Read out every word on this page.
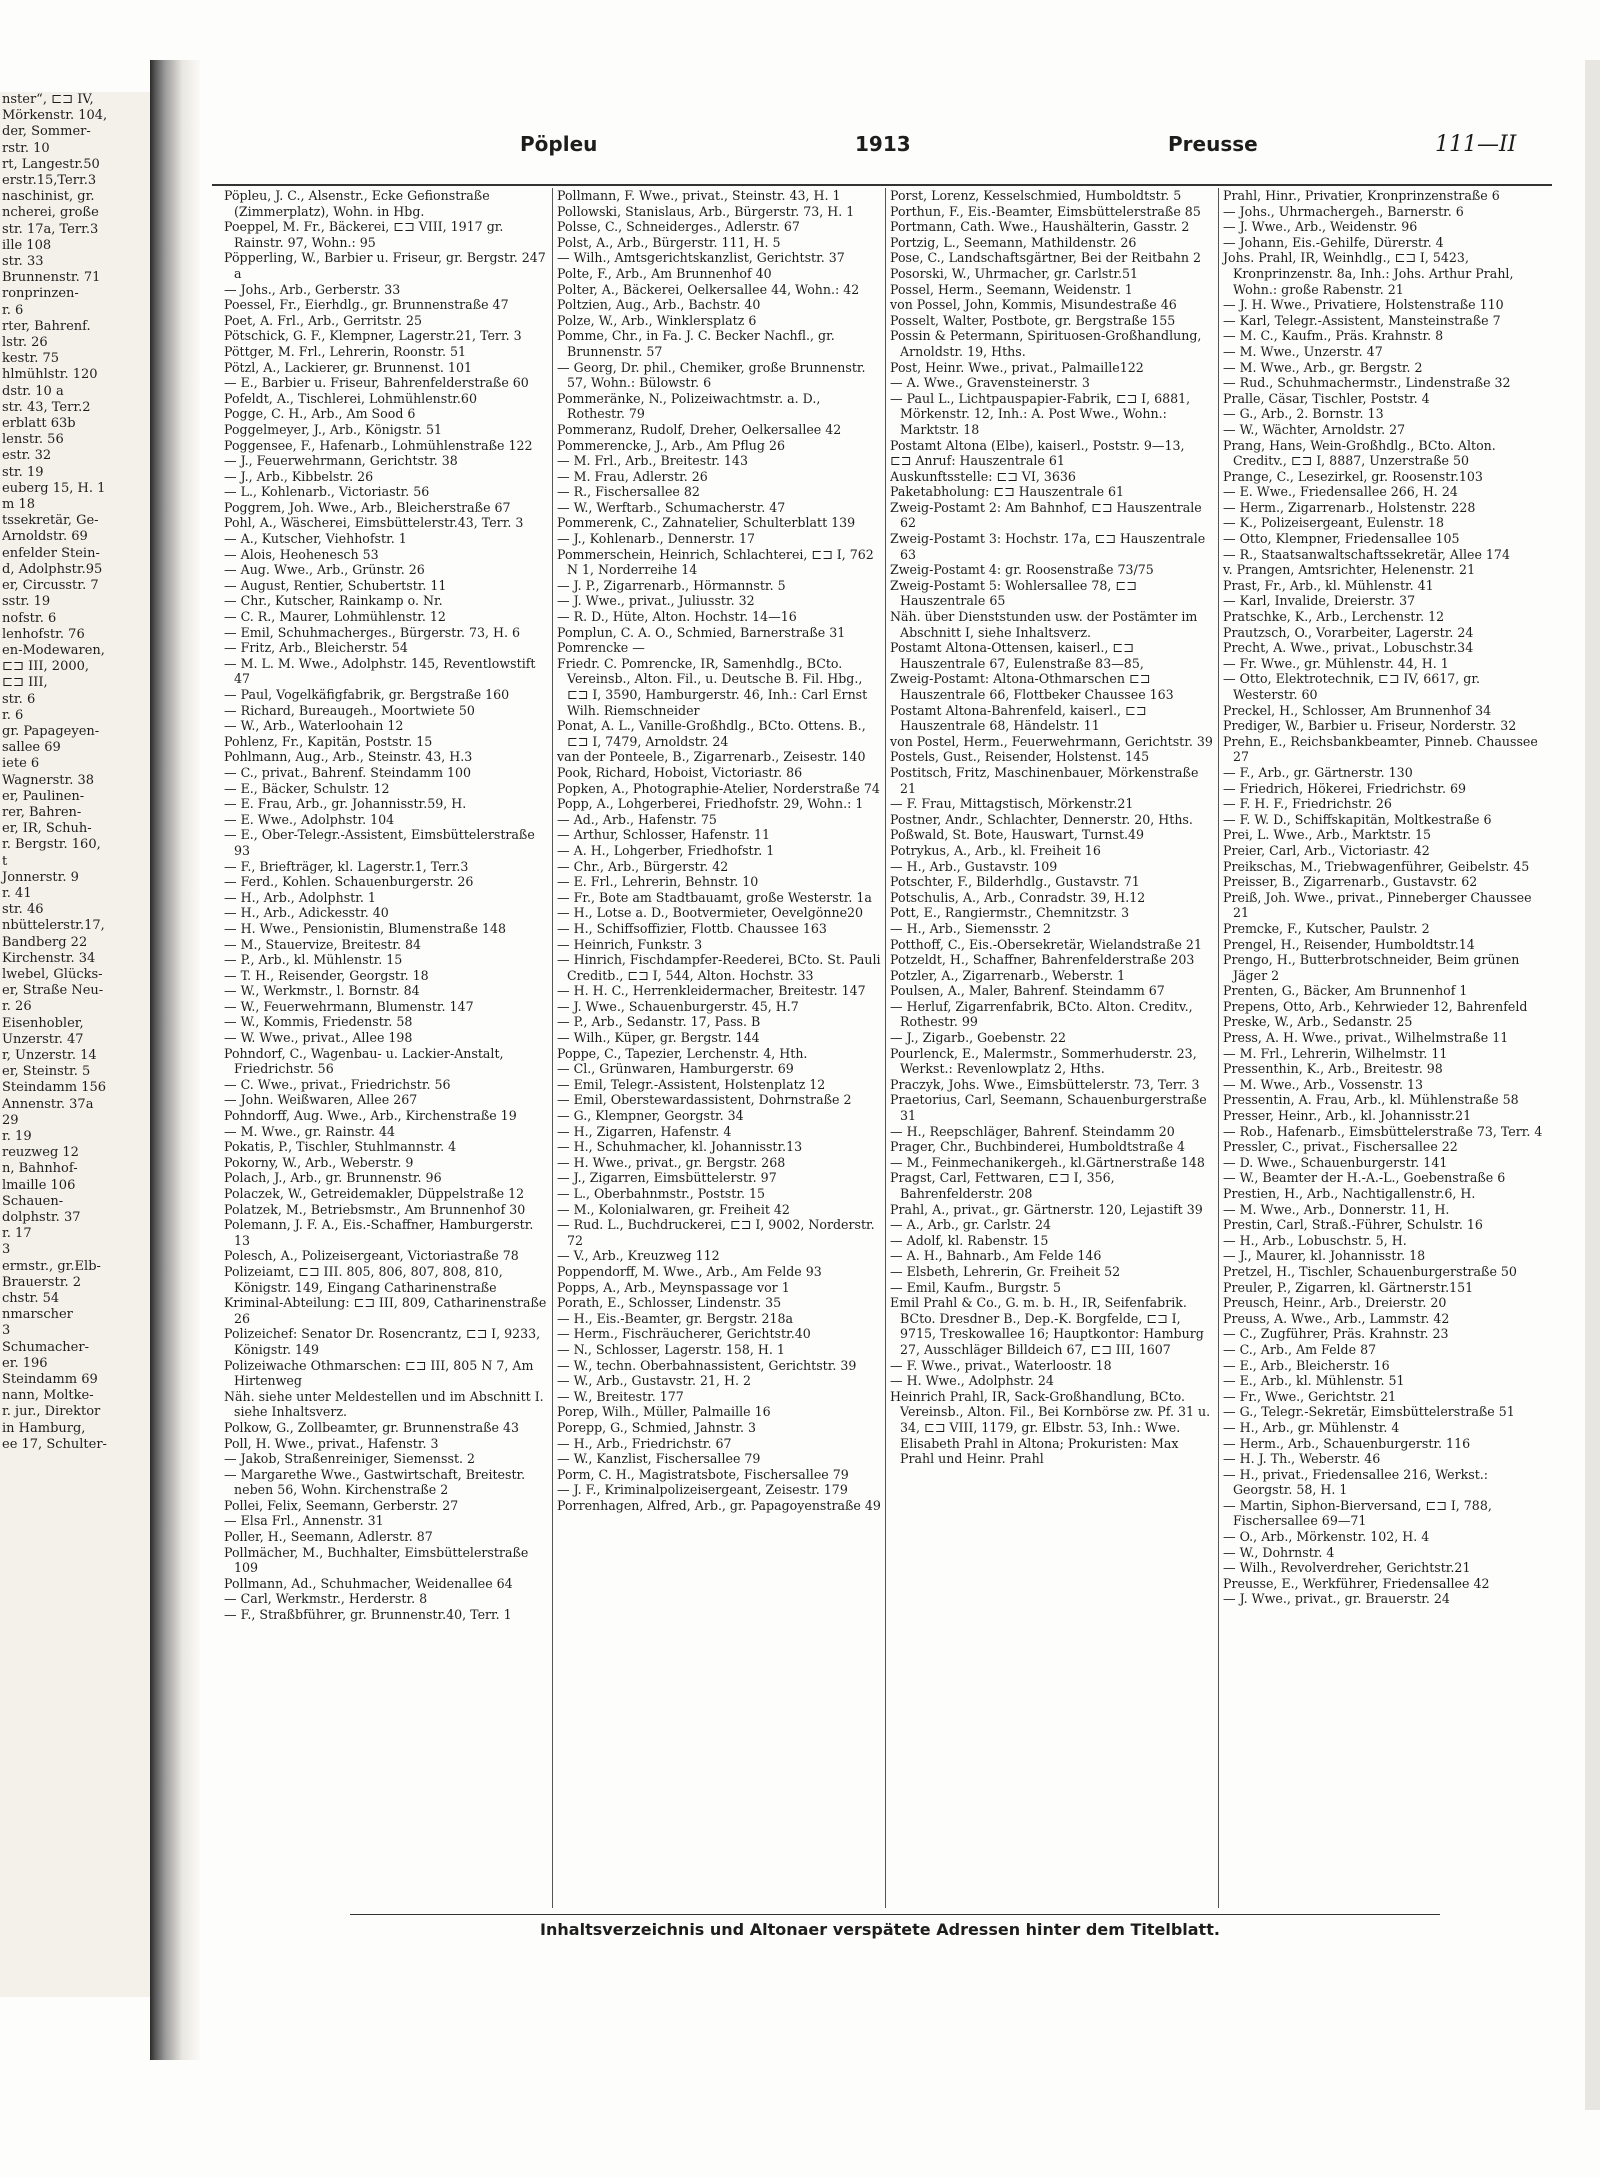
nster“, ⊏⊐ IV,
Mörkenstr. 104,
der, Sommer-
rstr. 10
rt, Langestr.50
erstr.15,Terr.3
naschinist, gr.
ncherei, große
str. 17a, Terr.3
ille 108
str. 33
Brunnenstr. 71
ronprinzen-
r. 6
rter, Bahrenf.
lstr. 26
kestr. 75
hlmühlstr. 120
dstr. 10 a
str. 43, Terr.2
erblatt 63b
lenstr. 56
estr. 32
str. 19
euberg 15, H. 1
m 18
tssekretär, Ge-
Arnoldstr. 69
enfelder Stein-
d, Adolphstr.95
er, Circusstr. 7
sstr. 19
nofstr. 6
lenhofstr. 76
en-Modewaren,
⊏⊐ III, 2000,
⊏⊐ III,
str. 6
r. 6
gr. Papageyen-
sallee 69
iete 6
Wagnerstr. 38
er, Paulinen-
rer, Bahren-
er, IR, Schuh-
r. Bergstr. 160,
t
Jonnerstr. 9
r. 41
str. 46
nbüttelerstr.17,
Bandberg 22
Kirchenstr. 34
lwebel, Glücks-
er, Straße Neu-
r. 26
Eisenhobler,
Unzerstr. 47
r, Unzerstr. 14
er, Steinstr. 5
Steindamm 156
Annenstr. 37a
29
r. 19
reuzweg 12
n, Bahnhof-
lmaille 106
Schauen-
dolphstr. 37
r. 17
3
ermstr., gr.Elb-
Brauerstr. 2
chstr. 54
nmarscher
3
Schumacher-
er. 196
Steindamm 69
nann, Moltke-
r. jur., Direktor
in Hamburg,
ee 17, Schulter-
Pöpleu	1913	Preusse	111—II

Pöpleu, J. C., Alsenstr., Ecke Gefionstraße (Zimmerplatz), Wohn. in Hbg.

Poeppel, M. Fr., Bäckerei, ⊏⊐ VIII, 1917 gr. Rainstr. 97, Wohn.: 95

Pöpperling, W., Barbier u. Friseur, gr. Bergstr. 247 a

— Johs., Arb., Gerberstr. 33

Poessel, Fr., Eierhdlg., gr. Brunnenstraße 47

Poet, A. Frl., Arb., Gerritstr. 25

Pötschick, G. F., Klempner, Lagerstr.21, Terr. 3

Pöttger, M. Frl., Lehrerin, Roonstr. 51

Pötzl, A., Lackierer, gr. Brunnenst. 101

— E., Barbier u. Friseur, Bahrenfelderstraße 60

Pofeldt, A., Tischlerei, Lohmühlenstr.60

Pogge, C. H., Arb., Am Sood 6

Poggelmeyer, J., Arb., Königstr. 51

Poggensee, F., Hafenarb., Lohmühlenstraße 122

— J., Feuerwehrmann, Gerichtstr. 38

— J., Arb., Kibbelstr. 26

— L., Kohlenarb., Victoriastr. 56

Poggrem, Joh. Wwe., Arb., Bleicherstraße 67

Pohl, A., Wäscherei, Eimsbüttelerstr.43, Terr. 3

— A., Kutscher, Viehhofstr. 1

— Alois, Heohenesch 53

— Aug. Wwe., Arb., Grünstr. 26

— August, Rentier, Schubertstr. 11

— Chr., Kutscher, Rainkamp o. Nr.

— C. R., Maurer, Lohmühlenstr. 12

— Emil, Schuhmacherges., Bürgerstr. 73, H. 6

— Fritz, Arb., Bleicherstr. 54

— M. L. M. Wwe., Adolphstr. 145, Reventlowstift 47

— Paul, Vogelkäfigfabrik, gr. Bergstraße 160

— Richard, Bureaugeh., Moortwiete 50

— W., Arb., Waterloohain 12

Pohlenz, Fr., Kapitän, Poststr. 15

Pohlmann, Aug., Arb., Steinstr. 43, H.3

— C., privat., Bahrenf. Steindamm 100

— E., Bäcker, Schulstr. 12

— E. Frau, Arb., gr. Johannisstr.59, H.

— E. Wwe., Adolphstr. 104

— E., Ober-Telegr.-Assistent, Eimsbüttelerstraße 93

— F., Briefträger, kl. Lagerstr.1, Terr.3

— Ferd., Kohlen. Schauenburgerstr. 26

— H., Arb., Adolphstr. 1

— H., Arb., Adickesstr. 40

— H. Wwe., Pensionistin, Blumenstraße 148

— M., Stauervize, Breitestr. 84

— P., Arb., kl. Mühlenstr. 15

— T. H., Reisender, Georgstr. 18

— W., Werkmstr., l. Bornstr. 84

— W., Feuerwehrmann, Blumenstr. 147

— W., Kommis, Friedenstr. 58

— W. Wwe., privat., Allee 198

Pohndorf, C., Wagenbau- u. Lackier-Anstalt, Friedrichstr. 56

— C. Wwe., privat., Friedrichstr. 56

— John. Weißwaren, Allee 267

Pohndorff, Aug. Wwe., Arb., Kirchenstraße 19

— M. Wwe., gr. Rainstr. 44

Pokatis, P., Tischler, Stuhlmannstr. 4

Pokorny, W., Arb., Weberstr. 9

Polach, J., Arb., gr. Brunnenstr. 96

Polaczek, W., Getreidemakler, Düppelstraße 12

Polatzek, M., Betriebsmstr., Am Brunnenhof 30

Polemann, J. F. A., Eis.-Schaffner, Hamburgerstr. 13

Polesch, A., Polizeisergeant, Victoriastraße 78

Polizeiamt, ⊏⊐ III. 805, 806, 807, 808, 810, Königstr. 149, Eingang Catharinenstraße

Kriminal-Abteilung: ⊏⊐ III, 809, Catharinenstraße 26

Polizeichef: Senator Dr. Rosencrantz, ⊏⊐ I, 9233, Königstr. 149

Polizeiwache Othmarschen: ⊏⊐ III, 805 N 7, Am Hirtenweg

Näh. siehe unter Meldestellen und im Abschnitt I. siehe Inhaltsverz.

Polkow, G., Zollbeamter, gr. Brunnenstraße 43

Poll, H. Wwe., privat., Hafenstr. 3

— Jakob, Straßenreiniger, Siemensst. 2

— Margarethe Wwe., Gastwirtschaft, Breitestr. neben 56, Wohn. Kirchenstraße 2

Pollei, Felix, Seemann, Gerberstr. 27

— Elsa Frl., Annenstr. 31

Poller, H., Seemann, Adlerstr. 87

Pollmächer, M., Buchhalter, Eimsbüttelerstraße 109

Pollmann, Ad., Schuhmacher, Weidenallee 64

— Carl, Werkmstr., Herderstr. 8

— F., Straßbführer, gr. Brunnenstr.40, Terr. 1

Pollmann, F. Wwe., privat., Steinstr. 43, H. 1

Pollowski, Stanislaus, Arb., Bürgerstr. 73, H. 1

Polsse, C., Schneiderges., Adlerstr. 67

Polst, A., Arb., Bürgerstr. 111, H. 5

— Wilh., Amtsgerichtskanzlist, Gerichtstr. 37

Polte, F., Arb., Am Brunnenhof 40

Polter, A., Bäckerei, Oelkersallee 44, Wohn.: 42

Poltzien, Aug., Arb., Bachstr. 40

Polze, W., Arb., Winklersplatz 6

Pomme, Chr., in Fa. J. C. Becker Nachfl., gr. Brunnenstr. 57

— Georg, Dr. phil., Chemiker, große Brunnenstr. 57, Wohn.: Bülowstr. 6

Pommeränke, N., Polizeiwachtmstr. a. D., Rothestr. 79

Pommeranz, Rudolf, Dreher, Oelkersallee 42

Pommerencke, J., Arb., Am Pflug 26

— M. Frl., Arb., Breitestr. 143

— M. Frau, Adlerstr. 26

— R., Fischersallee 82

— W., Werftarb., Schumacherstr. 47

Pommerenk, C., Zahnatelier, Schulterblatt 139

— J., Kohlenarb., Dennerstr. 17

Pommerschein, Heinrich, Schlachterei, ⊏⊐ I, 762 N 1, Norderreihe 14

— J. P., Zigarrenarb., Hörmannstr. 5

— J. Wwe., privat., Juliusstr. 32

— R. D., Hüte, Alton. Hochstr. 14—16

Pomplun, C. A. O., Schmied, Barnerstraße 31

Pomrencke —

Friedr. C. Pomrencke, IR, Samenhdlg., BCto. Vereinsb., Alton. Fil., u. Deutsche B. Fil. Hbg., ⊏⊐ I, 3590, Hamburgerstr. 46, Inh.: Carl Ernst Wilh. Riemschneider

Ponat, A. L., Vanille-Großhdlg., BCto. Ottens. B., ⊏⊐ I, 7479, Arnoldstr. 24

van der Ponteele, B., Zigarrenarb., Zeisestr. 140

Pook, Richard, Hoboist, Victoriastr. 86

Popken, A., Photographie-Atelier, Norderstraße 74

Popp, A., Lohgerberei, Friedhofstr. 29, Wohn.: 1

— Ad., Arb., Hafenstr. 75

— Arthur, Schlosser, Hafenstr. 11

— A. H., Lohgerber, Friedhofstr. 1

— Chr., Arb., Bürgerstr. 42

— E. Frl., Lehrerin, Behnstr. 10

— Fr., Bote am Stadtbauamt, große Westerstr. 1a

— H., Lotse a. D., Bootvermieter, Oevelgönne20

— H., Schiffsoffizier, Flottb. Chaussee 163

— Heinrich, Funkstr. 3

— Hinrich, Fischdampfer-Reederei, BCto. St. Pauli Creditb., ⊏⊐ I, 544, Alton. Hochstr. 33

— H. H. C., Herrenkleidermacher, Breitestr. 147

— J. Wwe., Schauenburgerstr. 45, H.7

— P., Arb., Sedanstr. 17, Pass. B

— Wilh., Küper, gr. Bergstr. 144

Poppe, C., Tapezier, Lerchenstr. 4, Hth.

— Cl., Grünwaren, Hamburgerstr. 69

— Emil, Telegr.-Assistent, Holstenplatz 12

— Emil, Oberstewardassistent, Dohrnstraße 2

— G., Klempner, Georgstr. 34

— H., Zigarren, Hafenstr. 4

— H., Schuhmacher, kl. Johannisstr.13

— H. Wwe., privat., gr. Bergstr. 268

— J., Zigarren, Eimsbüttelerstr. 97

— L., Oberbahnmstr., Poststr. 15

— M., Kolonialwaren, gr. Freiheit 42

— Rud. L., Buchdruckerei, ⊏⊐ I, 9002, Norderstr. 72

— V., Arb., Kreuzweg 112

Poppendorff, M. Wwe., Arb., Am Felde 93

Popps, A., Arb., Meynspassage vor 1

Porath, E., Schlosser, Lindenstr. 35

— H., Eis.-Beamter, gr. Bergstr. 218a

— Herm., Fischräucherer, Gerichtstr.40

— N., Schlosser, Lagerstr. 158, H. 1

— W., techn. Oberbahnassistent, Gerichtstr. 39

— W., Arb., Gustavstr. 21, H. 2

— W., Breitestr. 177

Porep, Wilh., Müller, Palmaille 16

Porepp, G., Schmied, Jahnstr. 3

— H., Arb., Friedrichstr. 67

— W., Kanzlist, Fischersallee 79

Porm, C. H., Magistratsbote, Fischersallee 79

— J. F., Kriminalpolizeisergeant, Zeisestr. 179

Porrenhagen, Alfred, Arb., gr. Papagoyenstraße 49

Porst, Lorenz, Kesselschmied, Humboldtstr. 5

Porthun, F., Eis.-Beamter, Eimsbüttelerstraße 85

Portmann, Cath. Wwe., Haushälterin, Gasstr. 2

Portzig, L., Seemann, Mathildenstr. 26

Pose, C., Landschaftsgärtner, Bei der Reitbahn 2

Posorski, W., Uhrmacher, gr. Carlstr.51

Possel, Herm., Seemann, Weidenstr. 1

von Possel, John, Kommis, Misundestraße 46

Posselt, Walter, Postbote, gr. Bergstraße 155

Possin & Petermann, Spirituosen-Großhandlung, Arnoldstr. 19, Hths.

Post, Heinr. Wwe., privat., Palmaille122

— A. Wwe., Gravensteinerstr. 3

— Paul L., Lichtpauspapier-Fabrik, ⊏⊐ I, 6881, Mörkenstr. 12, Inh.: A. Post Wwe., Wohn.: Marktstr. 18

Postamt Altona (Elbe), kaiserl., Poststr. 9—13,

⊏⊐ Anruf: Hauszentrale 61

Auskunftsstelle: ⊏⊐ VI, 3636

Paketabholung: ⊏⊐ Hauszentrale 61

Zweig-Postamt 2: Am Bahnhof, ⊏⊐ Hauszentrale 62

Zweig-Postamt 3: Hochstr. 17a, ⊏⊐ Hauszentrale 63

Zweig-Postamt 4: gr. Roosenstraße 73/75

Zweig-Postamt 5: Wohlersallee 78, ⊏⊐ Hauszentrale 65

Näh. über Dienststunden usw. der Postämter im Abschnitt I, siehe Inhaltsverz.

Postamt Altona-Ottensen, kaiserl., ⊏⊐ Hauszentrale 67, Eulenstraße 83—85,

Zweig-Postamt: Altona-Othmarschen ⊏⊐ Hauszentrale 66, Flottbeker Chaussee 163

Postamt Altona-Bahrenfeld, kaiserl., ⊏⊐ Hauszentrale 68, Händelstr. 11

von Postel, Herm., Feuerwehrmann, Gerichtstr. 39

Postels, Gust., Reisender, Holstenst. 145

Postitsch, Fritz, Maschinenbauer, Mörkenstraße 21

— F. Frau, Mittagstisch, Mörkenstr.21

Postner, Andr., Schlachter, Dennerstr. 20, Hths.

Poßwald, St. Bote, Hauswart, Turnst.49

Potrykus, A., Arb., kl. Freiheit 16

— H., Arb., Gustavstr. 109

Potschter, F., Bilderhdlg., Gustavstr. 71

Potschulis, A., Arb., Conradstr. 39, H.12

Pott, E., Rangiermstr., Chemnitzstr. 3

— H., Arb., Siemensstr. 2

Potthoff, C., Eis.-Obersekretär, Wielandstraße 21

Potzeldt, H., Schaffner, Bahrenfelderstraße 203

Potzler, A., Zigarrenarb., Weberstr. 1

Poulsen, A., Maler, Bahrenf. Steindamm 67

— Herluf, Zigarrenfabrik, BCto. Alton. Creditv., Rothestr. 99

— J., Zigarb., Goebenstr. 22

Pourlenck, E., Malermstr., Sommerhuderstr. 23, Werkst.: Revenlowplatz 2, Hths.

Praczyk, Johs. Wwe., Eimsbüttelerstr. 73, Terr. 3

Praetorius, Carl, Seemann, Schauenburgerstraße 31

— H., Reepschläger, Bahrenf. Steindamm 20

Prager, Chr., Buchbinderei, Humboldtstraße 4

— M., Feinmechanikergeh., kl.Gärtnerstraße 148

Pragst, Carl, Fettwaren, ⊏⊐ I, 356, Bahrenfelderstr. 208

Prahl, A., privat., gr. Gärtnerstr. 120, Lejastift 39

— A., Arb., gr. Carlstr. 24

— Adolf, kl. Rabenstr. 15

— A. H., Bahnarb., Am Felde 146

— Elsbeth, Lehrerin, Gr. Freiheit 52

— Emil, Kaufm., Burgstr. 5

Emil Prahl & Co., G. m. b. H., IR, Seifenfabrik. BCto. Dresdner B., Dep.-K. Borgfelde, ⊏⊐ I, 9715, Treskowallee 16; Hauptkontor: Hamburg 27, Ausschläger Billdeich 67, ⊏⊐ III, 1607

— F. Wwe., privat., Waterloostr. 18

— H. Wwe., Adolphstr. 24

Heinrich Prahl, IR, Sack-Großhandlung, BCto. Vereinsb., Alton. Fil., Bei Kornbörse zw. Pf. 31 u. 34, ⊏⊐ VIII, 1179, gr. Elbstr. 53, Inh.: Wwe. Elisabeth Prahl in Altona; Prokuristen: Max Prahl und Heinr. Prahl

Prahl, Hinr., Privatier, Kronprinzenstraße 6

— Johs., Uhrmachergeh., Barnerstr. 6

— J. Wwe., Arb., Weidenstr. 96

— Johann, Eis.-Gehilfe, Dürerstr. 4

Johs. Prahl, IR, Weinhdlg., ⊏⊐ I, 5423, Kronprinzenstr. 8a, Inh.: Johs. Arthur Prahl, Wohn.: große Rabenstr. 21

— J. H. Wwe., Privatiere, Holstenstraße 110

— Karl, Telegr.-Assistent, Mansteinstraße 7

— M. C., Kaufm., Präs. Krahnstr. 8

— M. Wwe., Unzerstr. 47

— M. Wwe., Arb., gr. Bergstr. 2

— Rud., Schuhmachermstr., Lindenstraße 32

Pralle, Cäsar, Tischler, Poststr. 4

— G., Arb., 2. Bornstr. 13

— W., Wächter, Arnoldstr. 27

Prang, Hans, Wein-Großhdlg., BCto. Alton. Creditv., ⊏⊐ I, 8887, Unzerstraße 50

Prange, C., Lesezirkel, gr. Roosenstr.103

— E. Wwe., Friedensallee 266, H. 24

— Herm., Zigarrenarb., Holstenstr. 228

— K., Polizeisergeant, Eulenstr. 18

— Otto, Klempner, Friedensallee 105

— R., Staatsanwaltschaftssekretär, Allee 174

v. Prangen, Amtsrichter, Helenenstr. 21

Prast, Fr., Arb., kl. Mühlenstr. 41

— Karl, Invalide, Dreierstr. 37

Pratschke, K., Arb., Lerchenstr. 12

Prautzsch, O., Vorarbeiter, Lagerstr. 24

Precht, A. Wwe., privat., Lobuschstr.34

— Fr. Wwe., gr. Mühlenstr. 44, H. 1

— Otto, Elektrotechnik, ⊏⊐ IV, 6617, gr. Westerstr. 60

Preckel, H., Schlosser, Am Brunnenhof 34

Prediger, W., Barbier u. Friseur, Norderstr. 32

Prehn, E., Reichsbankbeamter, Pinneb. Chaussee 27

— F., Arb., gr. Gärtnerstr. 130

— Friedrich, Hökerei, Friedrichstr. 69

— F. H. F., Friedrichstr. 26

— F. W. D., Schiffskapitän, Moltkestraße 6

Prei, L. Wwe., Arb., Marktstr. 15

Preier, Carl, Arb., Victoriastr. 42

Preikschas, M., Triebwagenführer, Geibelstr. 45

Preisser, B., Zigarrenarb., Gustavstr. 62

Preiß, Joh. Wwe., privat., Pinneberger Chaussee 21

Premcke, F., Kutscher, Paulstr. 2

Prengel, H., Reisender, Humboldtstr.14

Prengo, H., Butterbrotschneider, Beim grünen Jäger 2

Prenten, G., Bäcker, Am Brunnenhof 1

Prepens, Otto, Arb., Kehrwieder 12, Bahrenfeld

Preske, W., Arb., Sedanstr. 25

Press, A. H. Wwe., privat., Wilhelmstraße 11

— M. Frl., Lehrerin, Wilhelmstr. 11

Pressenthin, K., Arb., Breitestr. 98

— M. Wwe., Arb., Vossenstr. 13

Pressentin, A. Frau, Arb., kl. Mühlenstraße 58

Presser, Heinr., Arb., kl. Johannisstr.21

— Rob., Hafenarb., Eimsbüttelerstraße 73, Terr. 4

Pressler, C., privat., Fischersallee 22

— D. Wwe., Schauenburgerstr. 141

— W., Beamter der H.-A.-L., Goebenstraße 6

Prestien, H., Arb., Nachtigallenstr.6, H.

— M. Wwe., Arb., Donnerstr. 11, H.

Prestin, Carl, Straß.-Führer, Schulstr. 16

— H., Arb., Lobuschstr. 5, H.

— J., Maurer, kl. Johannisstr. 18

Pretzel, H., Tischler, Schauenburgerstraße 50

Preuler, P., Zigarren, kl. Gärtnerstr.151

Preusch, Heinr., Arb., Dreierstr. 20

Preuss, A. Wwe., Arb., Lammstr. 42

— C., Zugführer, Präs. Krahnstr. 23

— C., Arb., Am Felde 87

— E., Arb., Bleicherstr. 16

— E., Arb., kl. Mühlenstr. 51

— Fr., Wwe., Gerichtstr. 21

— G., Telegr.-Sekretär, Eimsbüttelerstraße 51

— H., Arb., gr. Mühlenstr. 4

— Herm., Arb., Schauenburgerstr. 116

— H. J. Th., Weberstr. 46

— H., privat., Friedensallee 216, Werkst.: Georgstr. 58, H. 1

— Martin, Siphon-Bierversand, ⊏⊐ I, 788, Fischersallee 69—71

— O., Arb., Mörkenstr. 102, H. 4

— W., Dohrnstr. 4

— Wilh., Revolverdreher, Gerichtstr.21

Preusse, E., Werkführer, Friedensallee 42

— J. Wwe., privat., gr. Brauerstr. 24

Inhaltsverzeichnis und Altonaer verspätete Adressen hinter dem Titelblatt.
